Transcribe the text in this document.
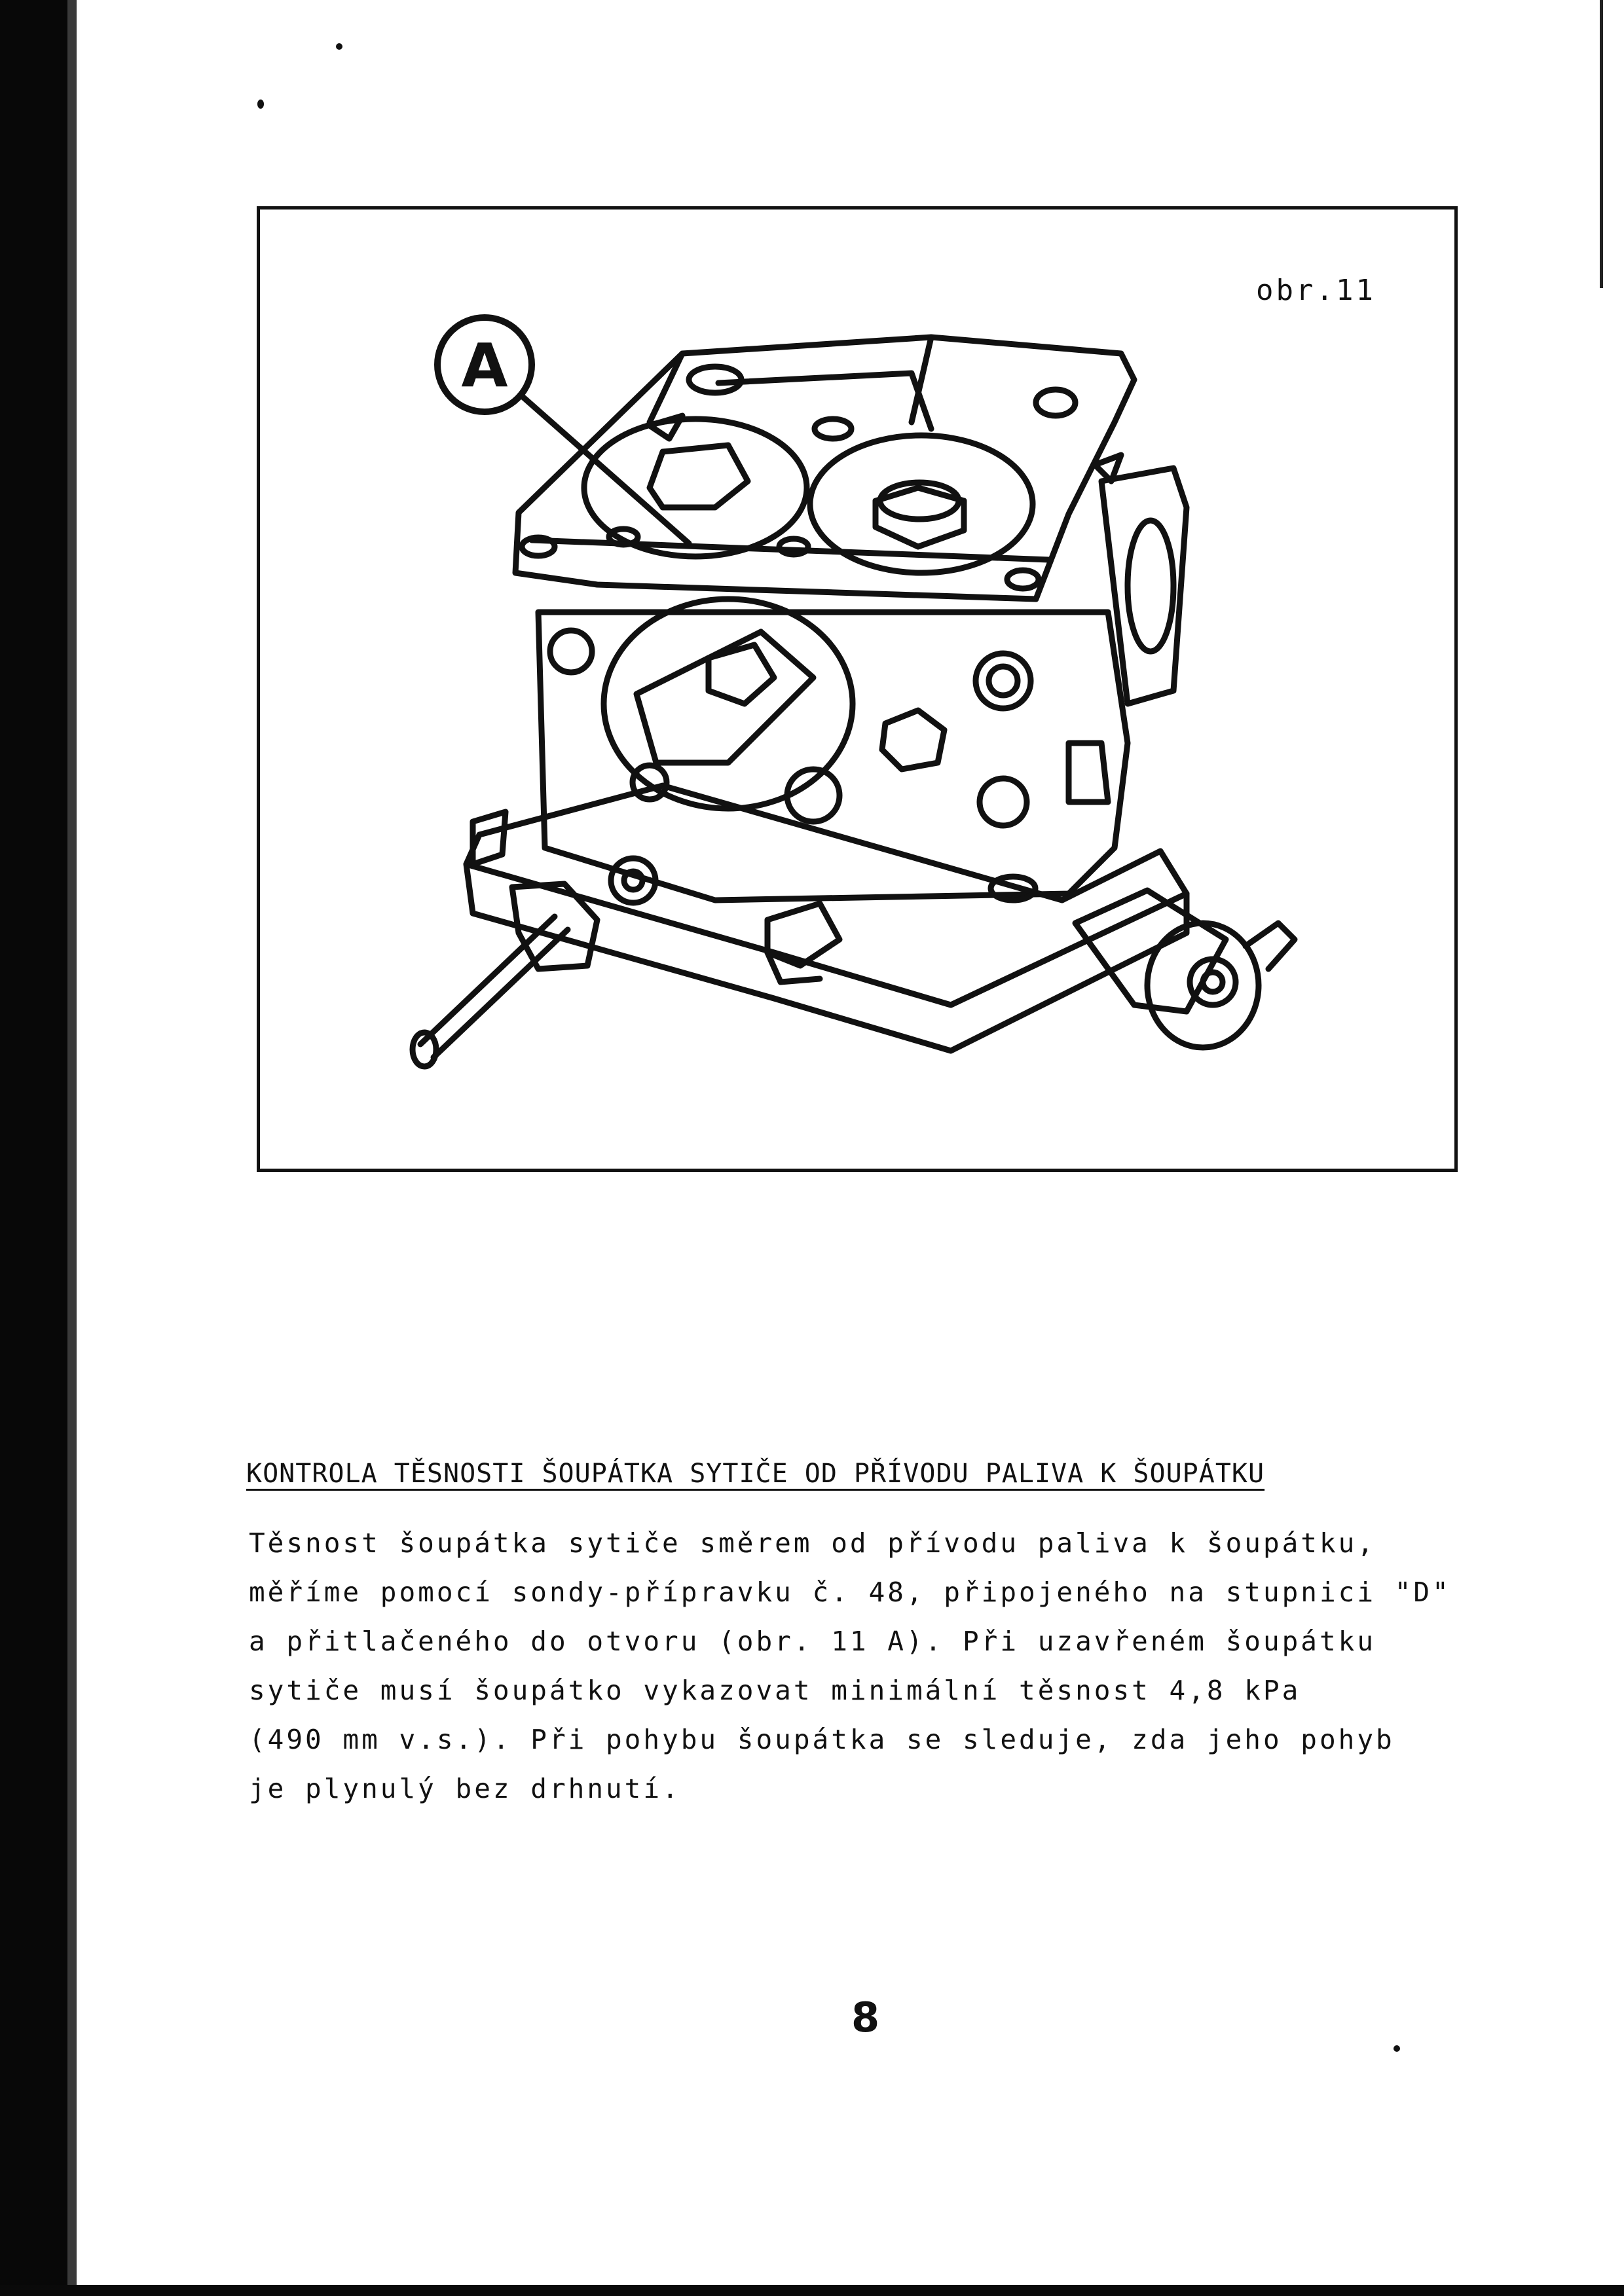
obr.11
A
KONTROLA TĚSNOSTI ŠOUPÁTKA SYTIČE OD PŘÍVODU PALIVA K ŠOUPÁTKU

Těsnost šoupátka sytiče směrem od přívodu paliva k šoupátku,

měříme pomocí sondy-přípravku č. 48, připojeného na stupnici "D"

a přitlačeného do otvoru (obr. 11 A). Při uzavřeném šoupátku

sytiče musí šoupátko vykazovat minimální těsnost 4,8 kPa

(490 mm v.s.). Při pohybu šoupátka se sleduje, zda jeho pohyb

je plynulý bez drhnutí.

8
